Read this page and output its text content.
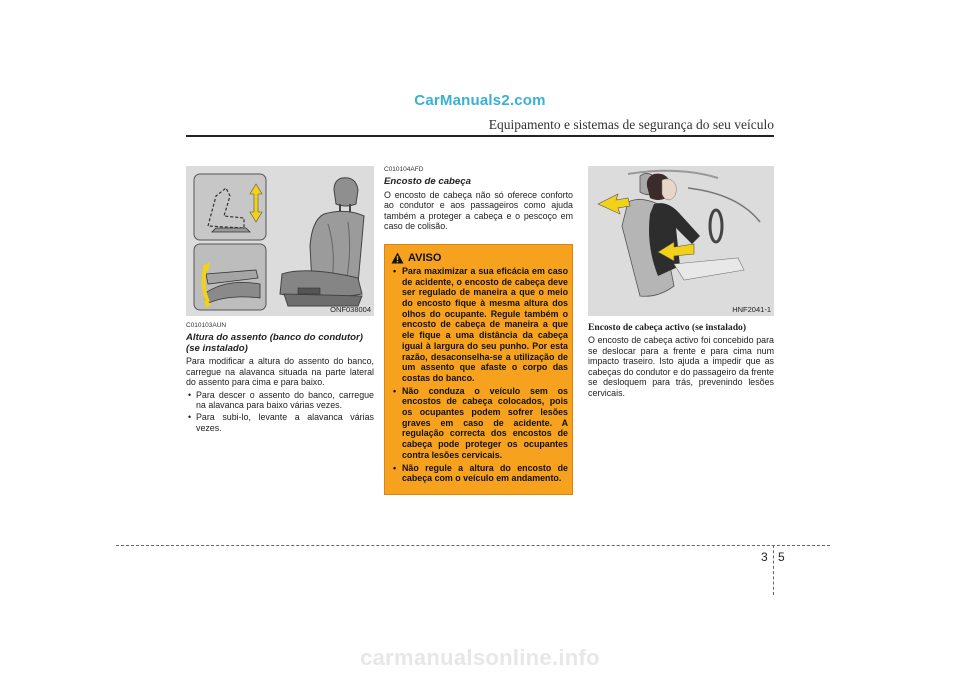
CarManuals2.com
Equipamento e sistemas de segurança do seu veículo
ONF038004

C010103AUN

Altura do assento (banco do condutor) (se instalado)

Para modificar a altura do assento do banco, carregue na alavanca situada na parte lateral do assento para cima e para baixo.

• Para descer o assento do banco, carregue na alavanca para baixo várias vezes.
• Para subi-lo, levante a alavanca várias vezes.

C010104AFD

Encosto de cabeça

O encosto de cabeça não só oferece conforto ao condutor e aos passageiros como ajuda também a proteger a cabeça e o pescoço em caso de colisão.

AVISO
• Para maximizar a sua eficácia em caso de acidente, o encosto de cabeça deve ser regulado de maneira a que o meio do encosto fique à mesma altura dos olhos do ocupante. Regule também o encosto de cabeça de maneira a que ele fique a uma distância da cabeça igual à largura do seu punho. Por esta razão, desaconselha-se a utilização de um assento que afaste o corpo das costas do banco.
• Não conduza o veículo sem os encostos de cabeça colocados, pois os ocupantes podem sofrer lesões graves em caso de acidente. A regulação correcta dos encostos de cabeça pode proteger os ocupantes contra lesões cervicais.
• Não regule a altura do encosto de cabeça com o veículo em andamento.
HNF2041-1
Encosto de cabeça activo (se instalado)

O encosto de cabeça activo foi concebido para se deslocar para a frente e para cima num impacto traseiro. Isto ajuda a impedir que as cabeças do condutor e do passageiro da frente se desloquem para trás, prevenindo lesões cervicais.

3 5
carmanualsonline.info
